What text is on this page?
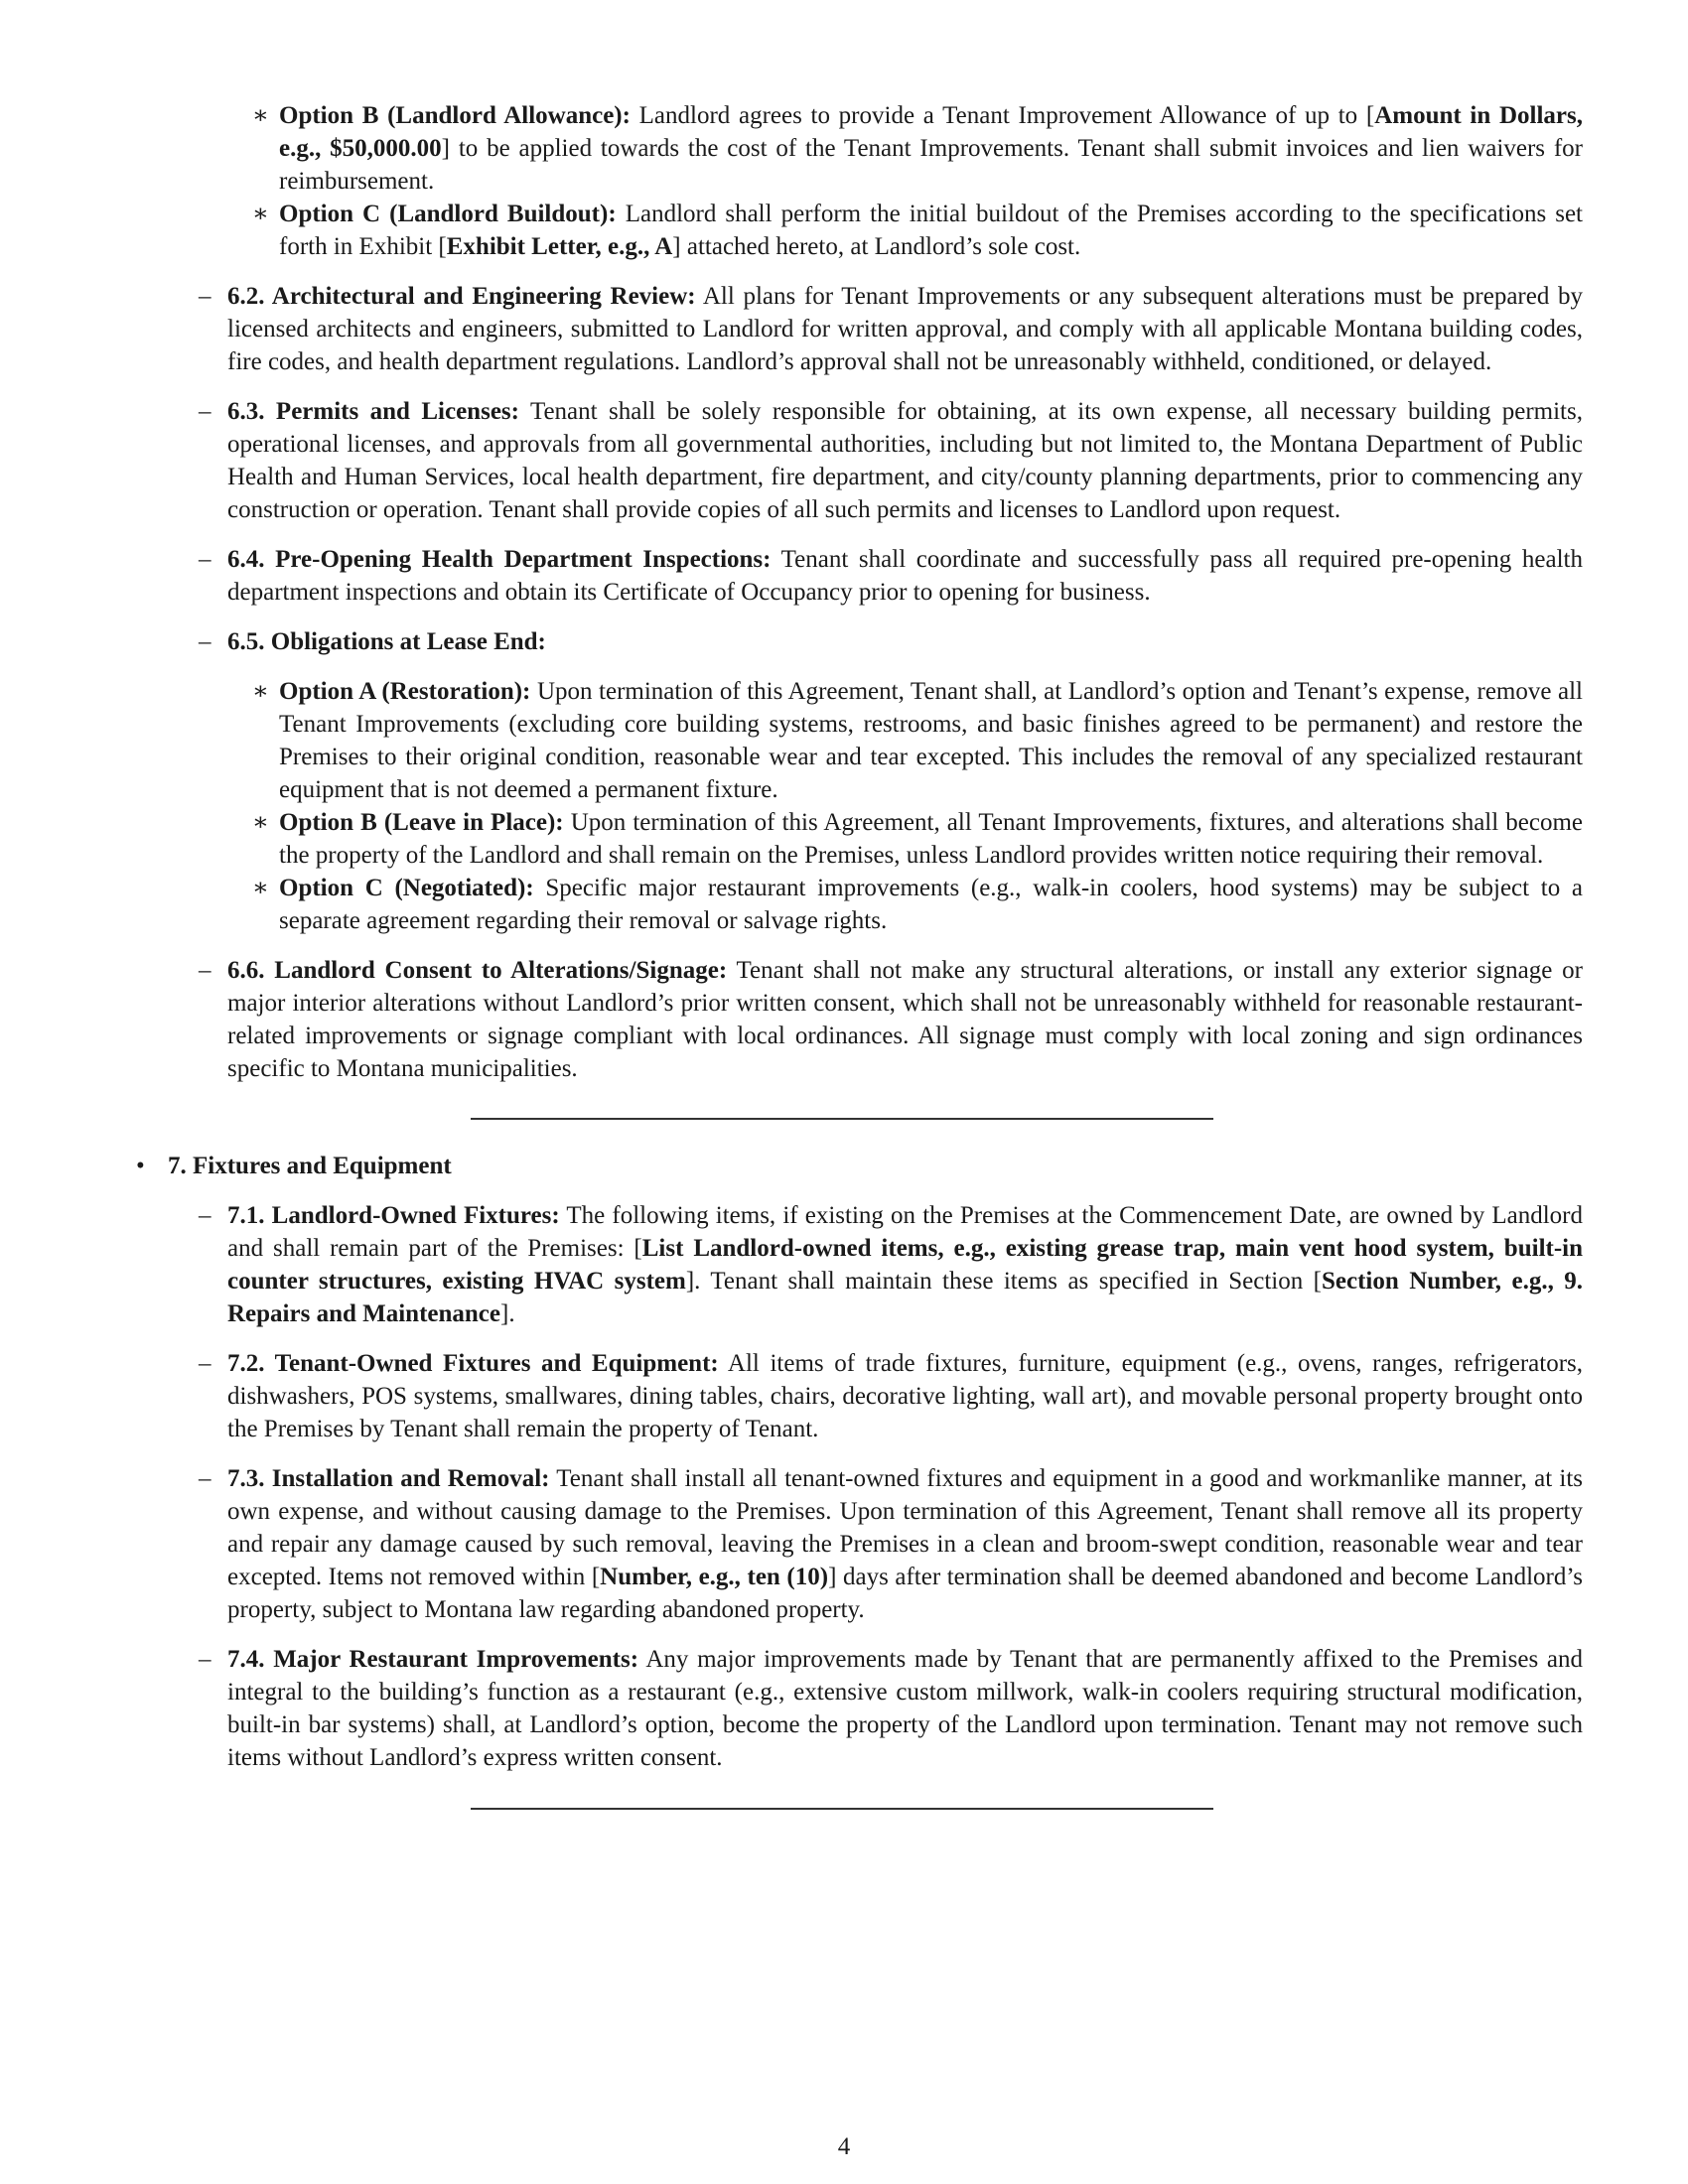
∗ Option B (Landlord Allowance): Landlord agrees to provide a Tenant Improvement Allowance of up to [Amount in Dollars, e.g., $50,000.00] to be applied towards the cost of the Tenant Improvements. Tenant shall submit invoices and lien waivers for reimbursement.

∗ Option C (Landlord Buildout): Landlord shall perform the initial buildout of the Premises according to the specifications set forth in Exhibit [Exhibit Letter, e.g., A] attached hereto, at Landlord’s sole cost.

– 6.2. Architectural and Engineering Review: All plans for Tenant Improvements or any subsequent alterations must be prepared by licensed architects and engineers, submitted to Landlord for written approval, and comply with all applicable Montana building codes, fire codes, and health department regulations. Landlord’s approval shall not be unreasonably withheld, conditioned, or delayed.

– 6.3. Permits and Licenses: Tenant shall be solely responsible for obtaining, at its own expense, all necessary building permits, operational licenses, and approvals from all governmental authorities, including but not limited to, the Montana Department of Public Health and Human Services, local health department, fire department, and city/county planning departments, prior to commencing any construction or operation. Tenant shall provide copies of all such permits and licenses to Landlord upon request.

– 6.4. Pre-Opening Health Department Inspections: Tenant shall coordinate and successfully pass all required pre-opening health department inspections and obtain its Certificate of Occupancy prior to opening for business.

– 6.5. Obligations at Lease End:

∗ Option A (Restoration): Upon termination of this Agreement, Tenant shall, at Landlord’s option and Tenant’s expense, remove all Tenant Improvements (excluding core building systems, restrooms, and basic finishes agreed to be permanent) and restore the Premises to their original condition, reasonable wear and tear excepted. This includes the removal of any specialized restaurant equipment that is not deemed a permanent fixture.

∗ Option B (Leave in Place): Upon termination of this Agreement, all Tenant Improvements, fixtures, and alterations shall become the property of the Landlord and shall remain on the Premises, unless Landlord provides written notice requiring their removal.

∗ Option C (Negotiated): Specific major restaurant improvements (e.g., walk-in coolers, hood systems) may be subject to a separate agreement regarding their removal or salvage rights.

– 6.6. Landlord Consent to Alterations/Signage: Tenant shall not make any structural alterations, or install any exterior signage or major interior alterations without Landlord’s prior written consent, which shall not be unreasonably withheld for reasonable restaurant-related improvements or signage compliant with local ordinances. All signage must comply with local zoning and sign ordinances specific to Montana municipalities.

• 7. Fixtures and Equipment

– 7.1. Landlord-Owned Fixtures: The following items, if existing on the Premises at the Commencement Date, are owned by Landlord and shall remain part of the Premises: [List Landlord-owned items, e.g., existing grease trap, main vent hood system, built-in counter structures, existing HVAC system]. Tenant shall maintain these items as specified in Section [Section Number, e.g., 9. Repairs and Maintenance].

– 7.2. Tenant-Owned Fixtures and Equipment: All items of trade fixtures, furniture, equipment (e.g., ovens, ranges, refrigerators, dishwashers, POS systems, smallwares, dining tables, chairs, decorative lighting, wall art), and movable personal property brought onto the Premises by Tenant shall remain the property of Tenant.

– 7.3. Installation and Removal: Tenant shall install all tenant-owned fixtures and equipment in a good and workmanlike manner, at its own expense, and without causing damage to the Premises. Upon termination of this Agreement, Tenant shall remove all its property and repair any damage caused by such removal, leaving the Premises in a clean and broom-swept condition, reasonable wear and tear excepted. Items not removed within [Number, e.g., ten (10)] days after termination shall be deemed abandoned and become Landlord’s property, subject to Montana law regarding abandoned property.

– 7.4. Major Restaurant Improvements: Any major improvements made by Tenant that are permanently affixed to the Premises and integral to the building’s function as a restaurant (e.g., extensive custom millwork, walk-in coolers requiring structural modification, built-in bar systems) shall, at Landlord’s option, become the property of the Landlord upon termination. Tenant may not remove such items without Landlord’s express written consent.

4
